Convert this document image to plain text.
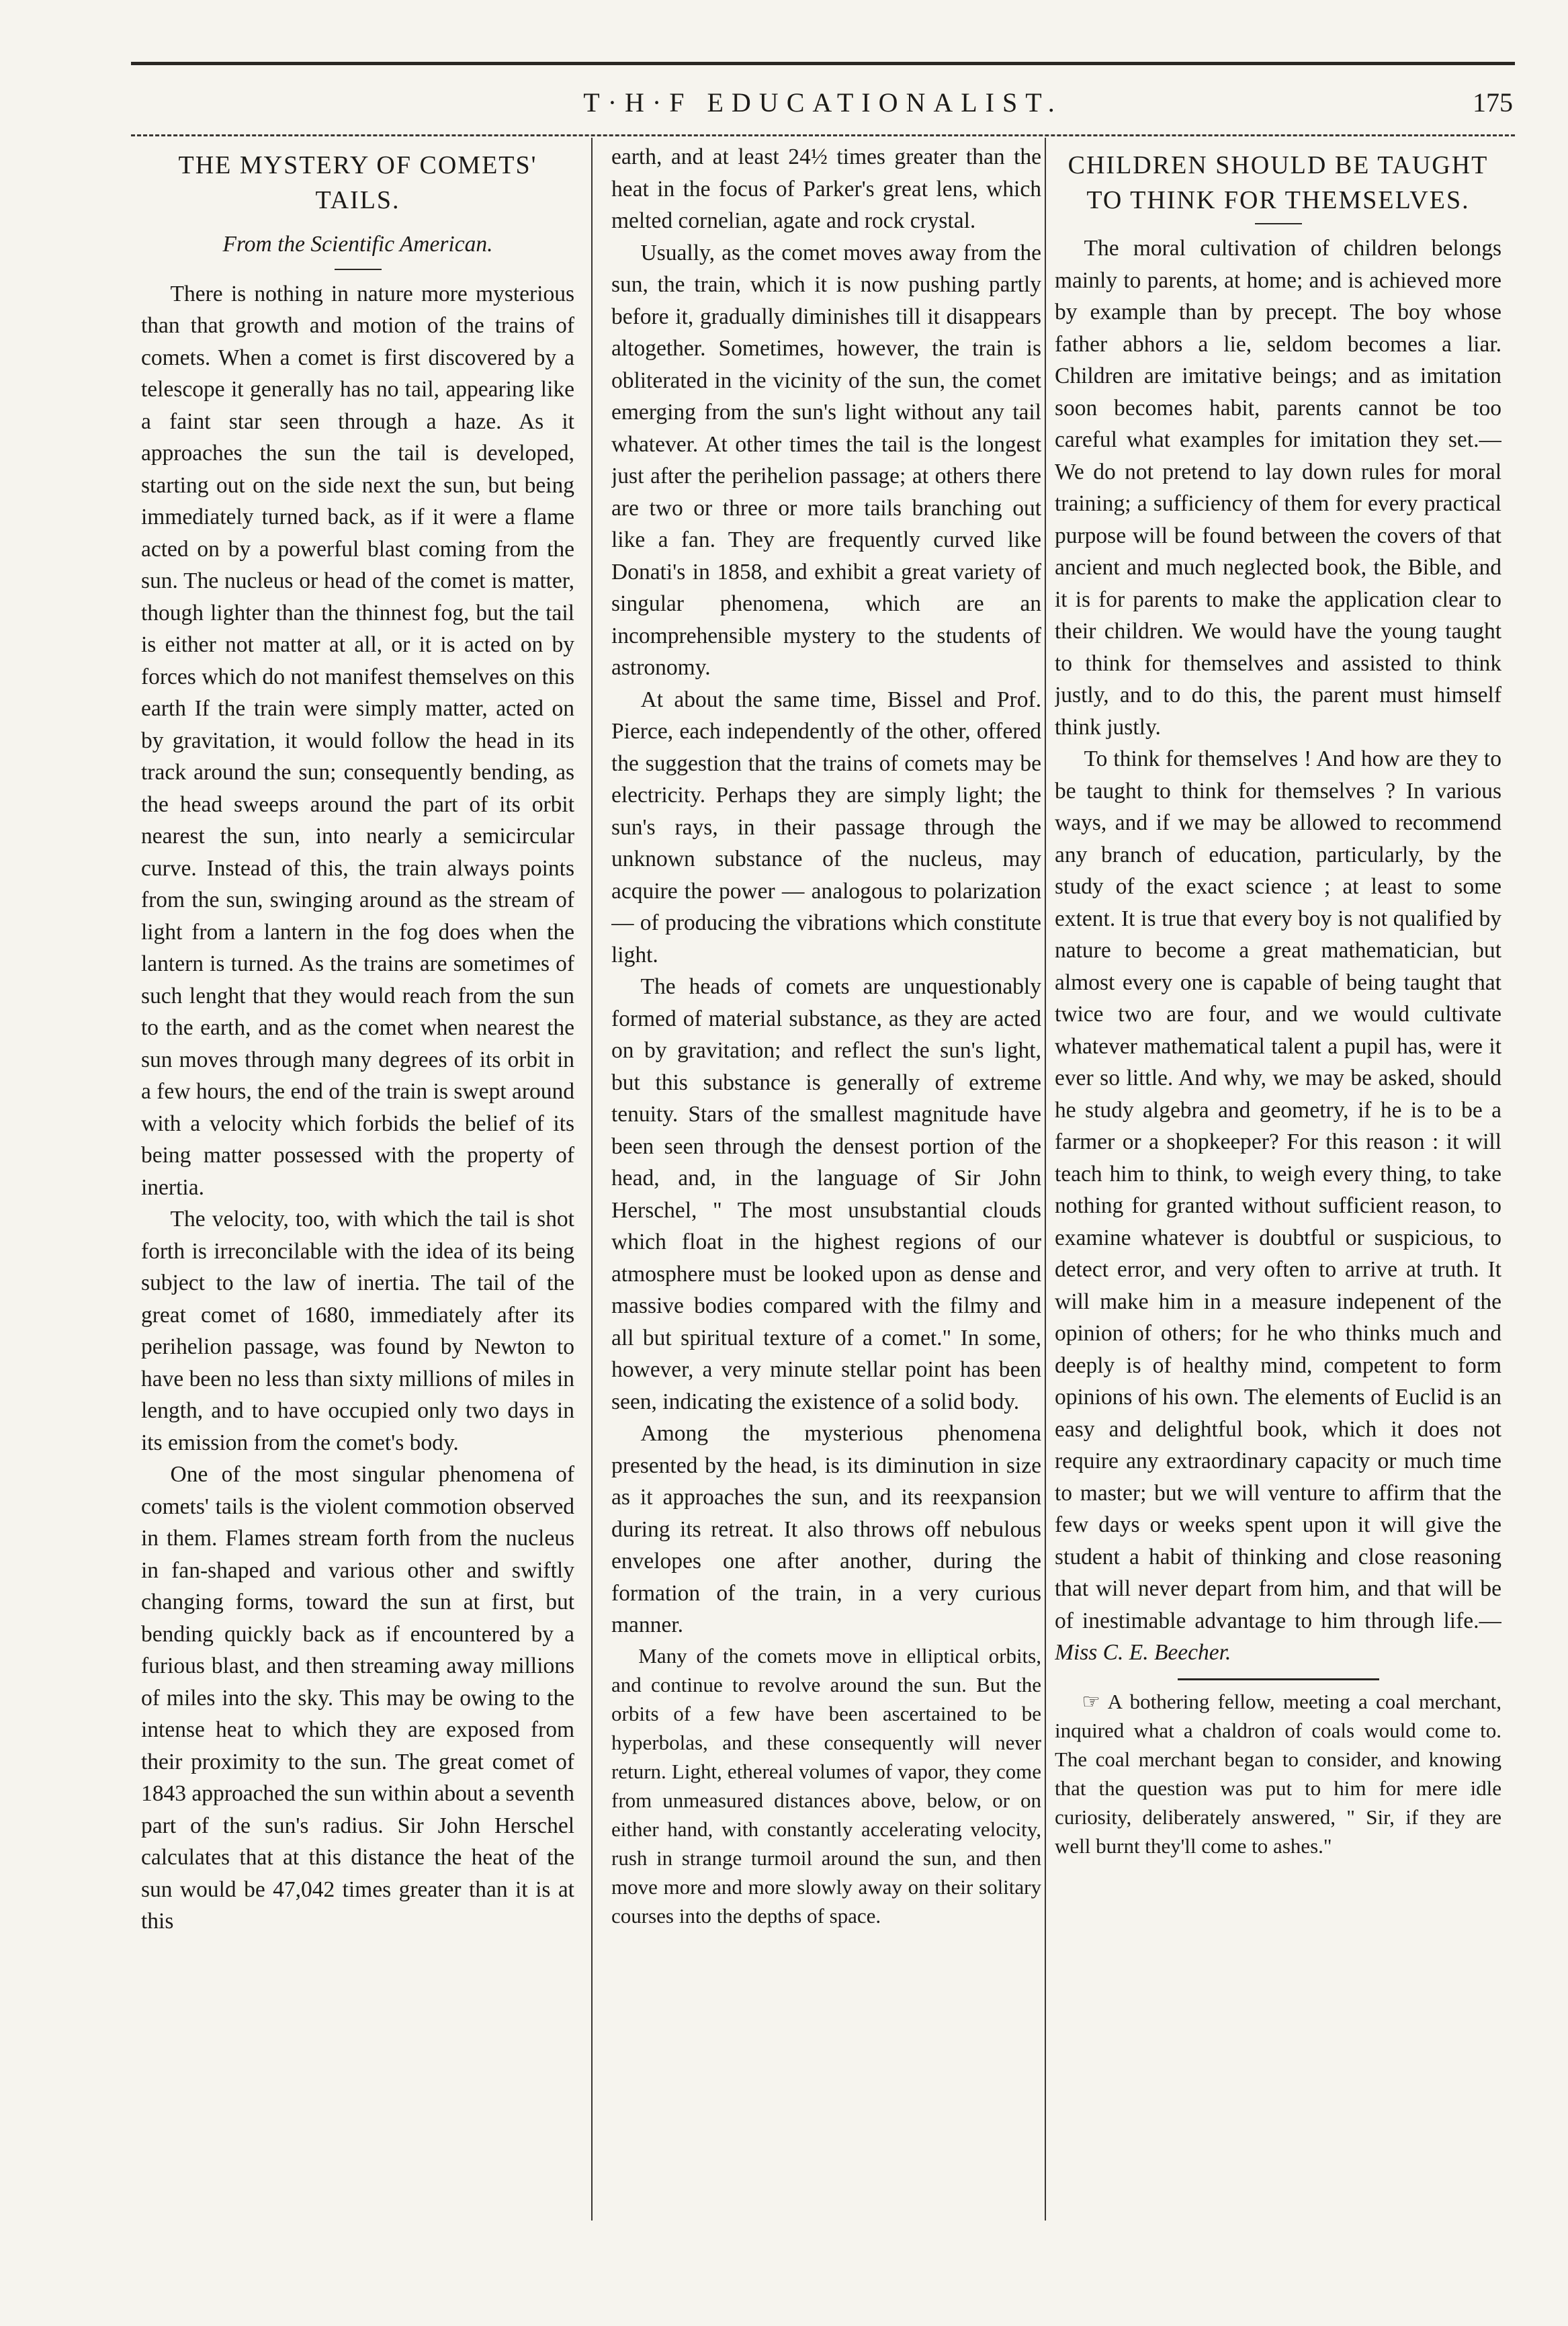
T·H·F EDUCATIONALIST.	175

THE MYSTERY OF COMETS' TAILS.

From the Scientific American.

There is nothing in nature more mysterious than that growth and motion of the trains of comets. When a comet is first discovered by a telescope it generally has no tail, appearing like a faint star seen through a haze. As it approaches the sun the tail is developed, starting out on the side next the sun, but being immediately turned back, as if it were a flame acted on by a powerful blast coming from the sun. The nucleus or head of the comet is matter, though lighter than the thinnest fog, but the tail is either not matter at all, or it is acted on by forces which do not manifest themselves on this earth If the train were simply matter, acted on by gravitation, it would follow the head in its track around the sun; consequently bending, as the head sweeps around the part of its orbit nearest the sun, into nearly a semicircular curve. Instead of this, the train always points from the sun, swinging around as the stream of light from a lantern in the fog does when the lantern is turned. As the trains are sometimes of such lenght that they would reach from the sun to the earth, and as the comet when nearest the sun moves through many degrees of its orbit in a few hours, the end of the train is swept around with a velocity which forbids the belief of its being matter possessed with the property of inertia.

The velocity, too, with which the tail is shot forth is irreconcilable with the idea of its being subject to the law of inertia. The tail of the great comet of 1680, immediately after its perihelion passage, was found by Newton to have been no less than sixty millions of miles in length, and to have occupied only two days in its emission from the comet's body.

One of the most singular phenomena of comets' tails is the violent commotion observed in them. Flames stream forth from the nucleus in fan-shaped and various other and swiftly changing forms, toward the sun at first, but bending quickly back as if encountered by a furious blast, and then streaming away millions of miles into the sky. This may be owing to the intense heat to which they are exposed from their proximity to the sun. The great comet of 1843 approached the sun within about a seventh part of the sun's radius. Sir John Herschel calculates that at this distance the heat of the sun would be 47,042 times greater than it is at this

earth, and at least 24½ times greater than the heat in the focus of Parker's great lens, which melted cornelian, agate and rock crystal.

Usually, as the comet moves away from the sun, the train, which it is now pushing partly before it, gradually diminishes till it disappears altogether. Sometimes, however, the train is obliterated in the vicinity of the sun, the comet emerging from the sun's light without any tail whatever. At other times the tail is the longest just after the perihelion passage; at others there are two or three or more tails branching out like a fan. They are frequently curved like Donati's in 1858, and exhibit a great variety of singular phenomena, which are an incomprehensible mystery to the students of astronomy.

At about the same time, Bissel and Prof. Pierce, each independently of the other, offered the suggestion that the trains of comets may be electricity. Perhaps they are simply light; the sun's rays, in their passage through the unknown substance of the nucleus, may acquire the power — analogous to polarization — of producing the vibrations which constitute light.

The heads of comets are unquestionably formed of material substance, as they are acted on by gravitation; and reflect the sun's light, but this substance is generally of extreme tenuity. Stars of the smallest magnitude have been seen through the densest portion of the head, and, in the language of Sir John Herschel, " The most unsubstantial clouds which float in the highest regions of our atmosphere must be looked upon as dense and massive bodies compared with the filmy and all but spiritual texture of a comet." In some, however, a very minute stellar point has been seen, indicating the existence of a solid body.

Among the mysterious phenomena presented by the head, is its diminution in size as it approaches the sun, and its reexpansion during its retreat. It also throws off nebulous envelopes one after another, during the formation of the train, in a very curious manner.

Many of the comets move in elliptical orbits, and continue to revolve around the sun. But the orbits of a few have been ascertained to be hyperbolas, and these consequently will never return. Light, ethereal volumes of vapor, they come from unmeasured distances above, below, or on either hand, with constantly accelerating velocity, rush in strange turmoil around the sun, and then move more and more slowly away on their solitary courses into the depths of space.

CHILDREN SHOULD BE TAUGHT TO THINK FOR THEMSELVES.

The moral cultivation of children belongs mainly to parents, at home; and is achieved more by example than by precept. The boy whose father abhors a lie, seldom becomes a liar. Children are imitative beings; and as imitation soon becomes habit, parents cannot be too careful what examples for imitation they set.— We do not pretend to lay down rules for moral training; a sufficiency of them for every practical purpose will be found between the covers of that ancient and much neglected book, the Bible, and it is for parents to make the application clear to their children. We would have the young taught to think for themselves and assisted to think justly, and to do this, the parent must himself think justly.

To think for themselves ! And how are they to be taught to think for themselves ? In various ways, and if we may be allowed to recommend any branch of education, particularly, by the study of the exact science ; at least to some extent. It is true that every boy is not qualified by nature to become a great mathematician, but almost every one is capable of being taught that twice two are four, and we would cultivate whatever mathematical talent a pupil has, were it ever so little. And why, we may be asked, should he study algebra and geometry, if he is to be a farmer or a shopkeeper? For this reason : it will teach him to think, to weigh every thing, to take nothing for granted without sufficient reason, to examine whatever is doubtful or suspicious, to detect error, and very often to arrive at truth. It will make him in a measure indepenent of the opinion of others; for he who thinks much and deeply is of healthy mind, competent to form opinions of his own. The elements of Euclid is an easy and delightful book, which it does not require any extraordinary capacity or much time to master; but we will venture to affirm that the few days or weeks spent upon it will give the student a habit of thinking and close reasoning that will never depart from him, and that will be of inestimable advantage to him through life.— Miss C. E. Beecher.

☞ A bothering fellow, meeting a coal merchant, inquired what a chaldron of coals would come to. The coal merchant began to consider, and knowing that the question was put to him for mere idle curiosity, deliberately answered, " Sir, if they are well burnt they'll come to ashes."
